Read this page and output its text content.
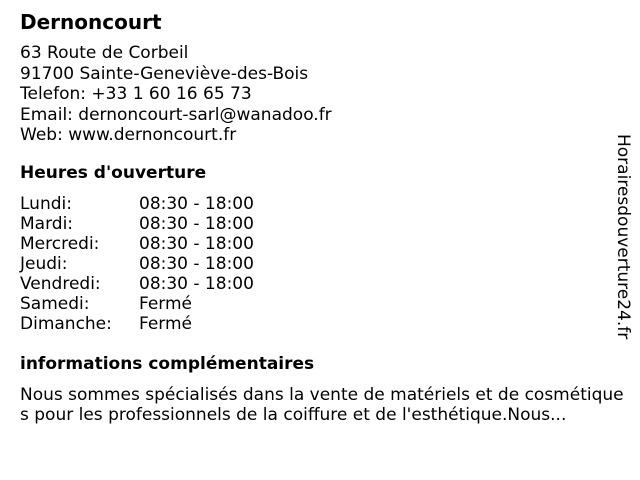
Dernoncourt
63 Route de Corbeil
91700 Sainte-Geneviève-des-Bois
Telefon: +33 1 60 16 65 73
Email: dernoncourt-sarl@wanadoo.fr
Web: www.dernoncourt.fr
Heures d'ouverture
Lundi:	08:30 - 18:00
Mardi:	08:30 - 18:00
Mercredi: 08:30 - 18:00
Jeudi:	08:30 - 18:00
Vendredi: 08:30 - 18:00
Samedi:	Fermé
Dimanche: Fermé
informations complémentaires
Nous sommes spécialisés dans la vente de matériels et de cosmétiques pour les professionnels de la coiffure et de l'esthétique.Nous...
Horairesdouverture24.fr
